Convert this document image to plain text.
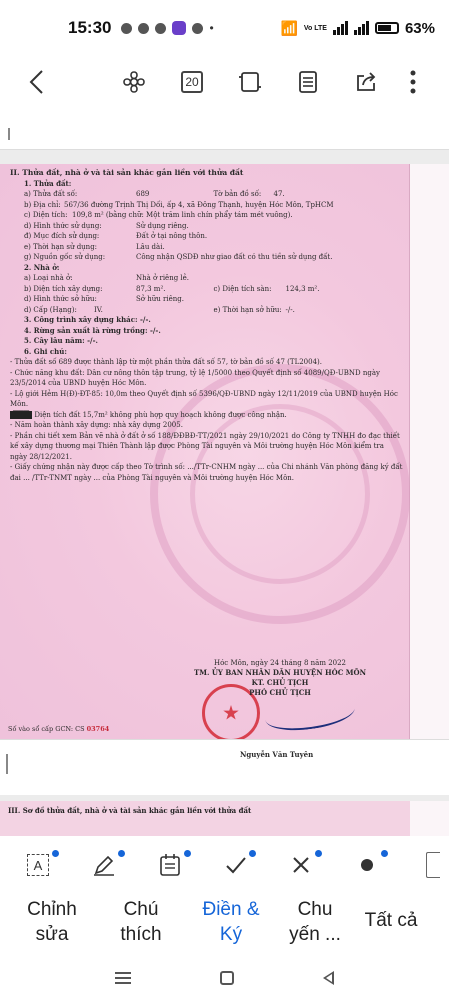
15:30	•	📶 Vo LTE	63%
20
II. Thửa đất, nhà ở và tài sản khác gắn liền với thửa đất
1. Thửa đất:
a) Thửa đất số:	689	Tờ bản đồ số:	47.
b) Địa chỉ: 567/36 đường Trịnh Thị Dối, ấp 4, xã Đông Thạnh, huyện Hóc Môn, TpHCM
c) Diện tích: 109,8 m² (bằng chữ: Một trăm linh chín phẩy tám mét vuông).
d) Hình thức sử dụng:	Sử dụng riêng.
đ) Mục đích sử dụng:	Đất ở tại nông thôn.
e) Thời hạn sử dụng:	Lâu dài.
g) Nguồn gốc sử dụng:	Công nhận QSDĐ như giao đất có thu tiền sử dụng đất.
2. Nhà ở:
a) Loại nhà ở:	Nhà ở riêng lẻ.
b) Diện tích xây dựng:	87,3 m².	c) Diện tích sàn:	124,3 m².
d) Hình thức sở hữu:	Sở hữu riêng.
d) Cấp (Hạng):	IV.	e) Thời hạn sở hữu: -/-.
3. Công trình xây dựng khác: -/-.
4. Rừng sản xuất là rừng trồng: -/-.
5. Cây lâu năm: -/-.
6. Ghi chú:
- Thửa đất số 689 được thành lập từ một phần thửa đất số 57, tờ bản đồ số 47 (TL2004).
- Chức năng khu đất: Dân cư nông thôn tập trung, tỷ lệ 1/5000 theo Quyết định số 4089/QĐ-UBND ngày 23/5/2014 của UBND huyện Hóc Môn.
- Lộ giới Hẻm H(Đ)-ĐT-85: 10,0m theo Quyết định số 5396/QĐ-UBND ngày 12/11/2019 của UBND huyện Hóc Môn.
███ Diện tích đất 15,7m² không phù hợp quy hoạch không được công nhận.
- Năm hoàn thành xây dựng: nhà xây dựng 2005.
- Phần chi tiết xem Bản vẽ nhà ở đất ở số 188/ĐĐBĐ-TT/2021 ngày 29/10/2021 do Công ty TNHH đo đạc thiết kế xây dựng thương mại Thiên Thành lập được Phòng Tài nguyên và Môi trường huyện Hóc Môn kiểm tra ngày 28/12/2021.
- Giấy chứng nhận này được cấp theo Tờ trình số: .../TTr-CNHM ngày ... của Chi nhánh Văn phòng đăng ký đất đai ... /TTr-TNMT ngày ... của Phòng Tài nguyên và Môi trường huyện Hóc Môn.
Hóc Môn, ngày 24 tháng 8 năm 2022
TM. ỦY BAN NHÂN DÂN HUYỆN HÓC MÔN
KT. CHỦ TỊCH
PHÓ CHỦ TỊCH
Nguyễn Văn Tuyên
Số vào sổ cấp GCN: CS 03764
III. Sơ đồ thửa đất, nhà ở và tài sản khác gắn liền với thửa đất
A
Chỉnh
sửa
Chú
thích
Điền &
Ký
Chu
yến ...
Tất cả
